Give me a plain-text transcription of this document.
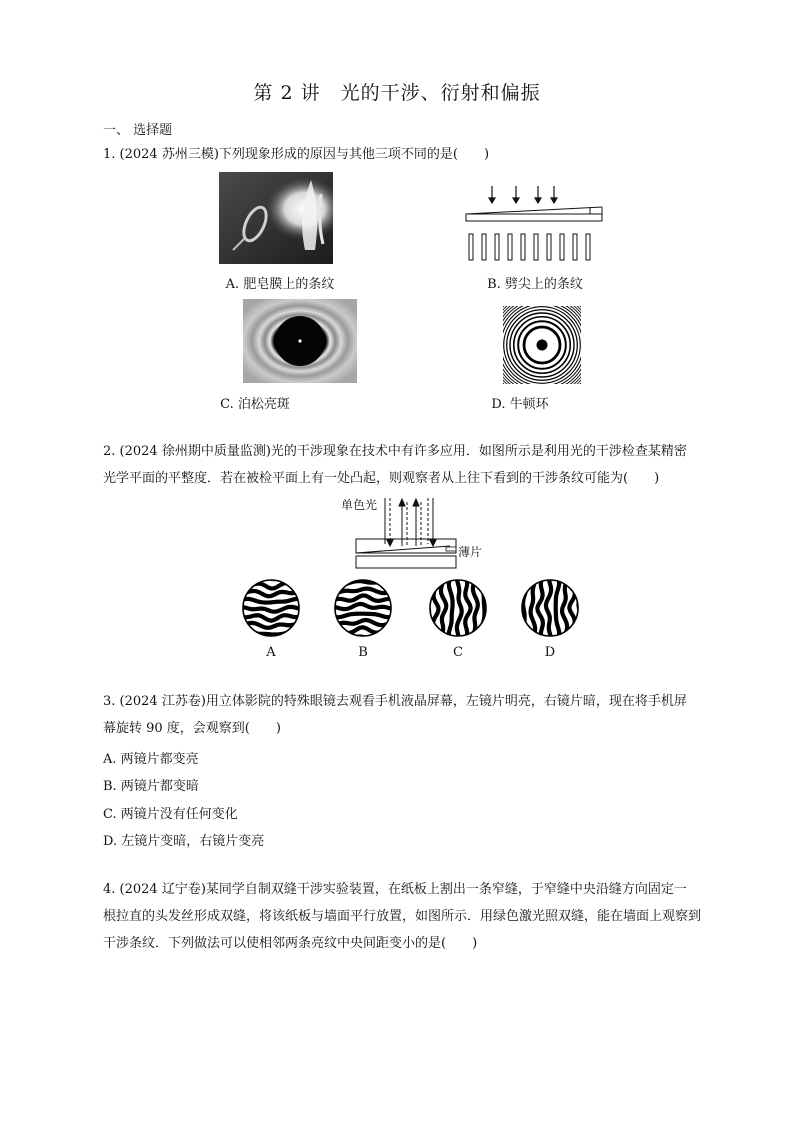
第 2 讲　光的干涉、衍射和偏振
一、 选择题
1. (2024 苏州三模)下列现象形成的原因与其他三项不同的是(　　)
A. 肥皂膜上的条纹	B. 劈尖上的条纹
C. 泊松亮斑	D. 牛顿环
2. (2024 徐州期中质量监测)光的干涉现象在技术中有许多应用．如图所示是利用光的干涉检查某精密
光学平面的平整度．若在被检平面上有一处凸起，则观察者从上往下看到的干涉条纹可能为(　　)
单色光
薄片
A	B	C	D
3. (2024 江苏卷)用立体影院的特殊眼镜去观看手机液晶屏幕，左镜片明亮，右镜片暗，现在将手机屏
幕旋转 90 度，会观察到(　　)
A. 两镜片都变亮
B. 两镜片都变暗
C. 两镜片没有任何变化
D. 左镜片变暗，右镜片变亮
4. (2024 辽宁卷)某同学自制双缝干涉实验装置，在纸板上割出一条窄缝，于窄缝中央沿缝方向固定一
根拉直的头发丝形成双缝，将该纸板与墙面平行放置，如图所示．用绿色激光照双缝，能在墙面上观察到
干涉条纹．下列做法可以使相邻两条亮纹中央间距变小的是(　　)
